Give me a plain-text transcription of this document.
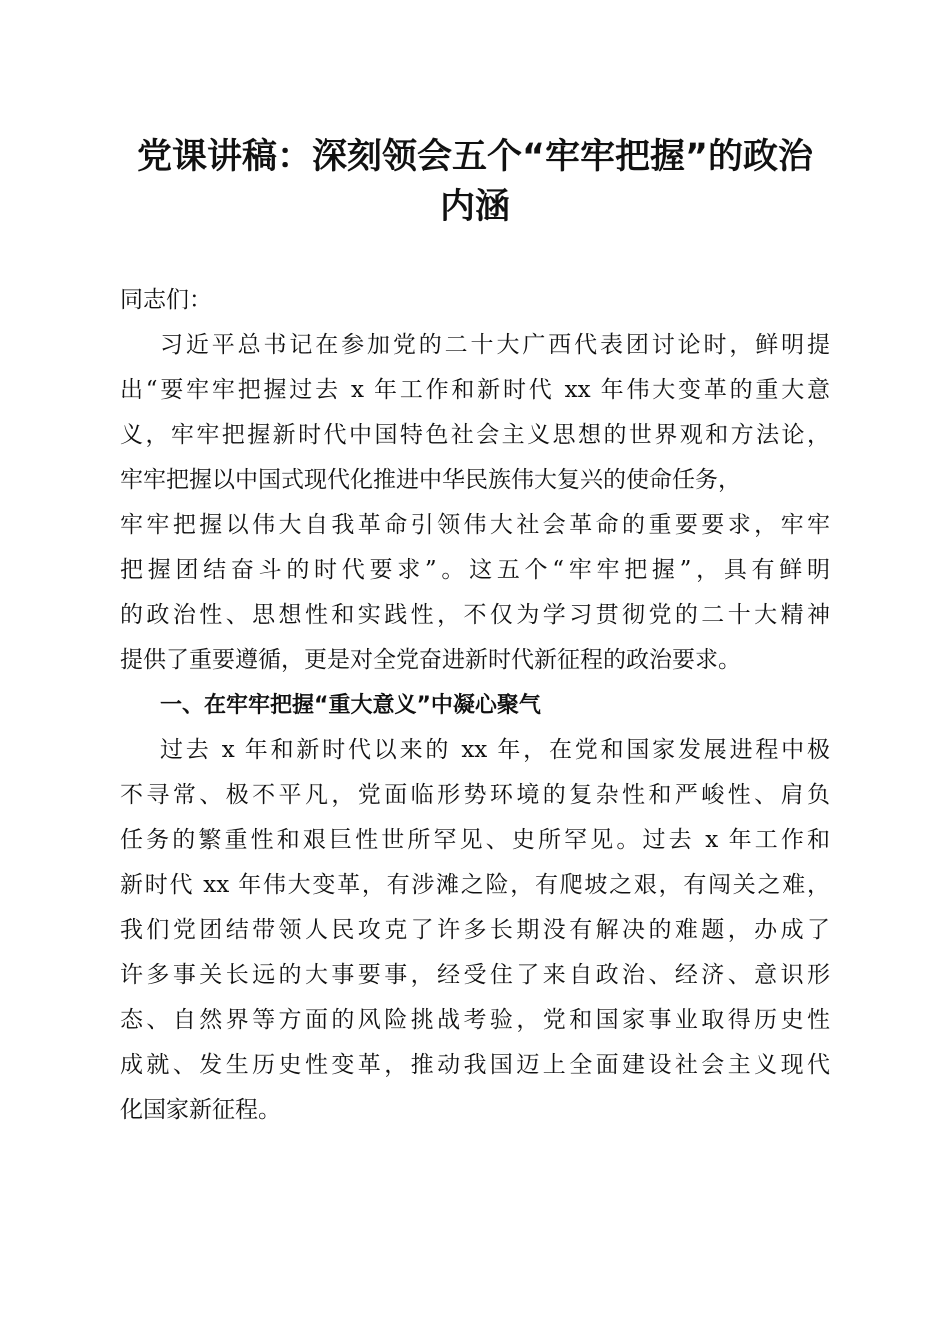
党课讲稿：深刻领会五个“牢牢把握”的政治
内涵
同志们：
习近平总书记在参加党的二十大广西代表团讨论时，鲜明提
出“要牢牢把握过去 x 年工作和新时代 xx 年伟大变革的重大意
义，牢牢把握新时代中国特色社会主义思想的世界观和方法论，
牢牢把握以中国式现代化推进中华民族伟大复兴的使命任务，
牢牢把握以伟大自我革命引领伟大社会革命的重要要求，牢牢
把握团结奋斗的时代要求”。这五个“牢牢把握”，具有鲜明
的政治性、思想性和实践性，不仅为学习贯彻党的二十大精神
提供了重要遵循，更是对全党奋进新时代新征程的政治要求。
一、在牢牢把握“重大意义”中凝心聚气
过去 x 年和新时代以来的 xx 年，在党和国家发展进程中极
不寻常、极不平凡，党面临形势环境的复杂性和严峻性、肩负
任务的繁重性和艰巨性世所罕见、史所罕见。过去 x 年工作和
新时代 xx 年伟大变革，有涉滩之险，有爬坡之艰，有闯关之难，
我们党团结带领人民攻克了许多长期没有解决的难题，办成了
许多事关长远的大事要事，经受住了来自政治、经济、意识形
态、自然界等方面的风险挑战考验，党和国家事业取得历史性
成就、发生历史性变革，推动我国迈上全面建设社会主义现代
化国家新征程。
